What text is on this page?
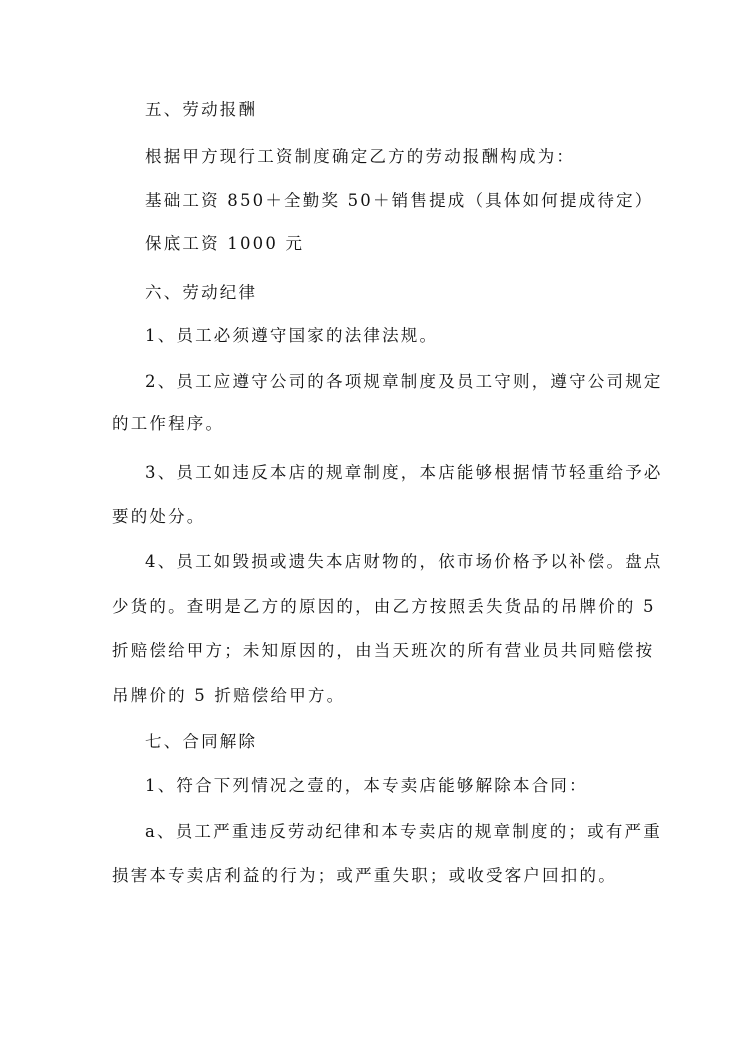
五、劳动报酬
根据甲方现行工资制度确定乙方的劳动报酬构成为：
基础工资 850＋全勤奖 50＋销售提成（具体如何提成待定）
保底工资 1000 元
六、劳动纪律
1、员工必须遵守国家的法律法规。
2、员工应遵守公司的各项规章制度及员工守则，遵守公司规定
的工作程序。
3、员工如违反本店的规章制度，本店能够根据情节轻重给予必
要的处分。
4、员工如毁损或遗失本店财物的，依市场价格予以补偿。盘点
少货的。查明是乙方的原因的，由乙方按照丢失货品的吊牌价的 5
折赔偿给甲方；未知原因的，由当天班次的所有营业员共同赔偿按
吊牌价的 5 折赔偿给甲方。
七、合同解除
1、符合下列情况之壹的，本专卖店能够解除本合同：
a、员工严重违反劳动纪律和本专卖店的规章制度的；或有严重
损害本专卖店利益的行为；或严重失职；或收受客户回扣的。
